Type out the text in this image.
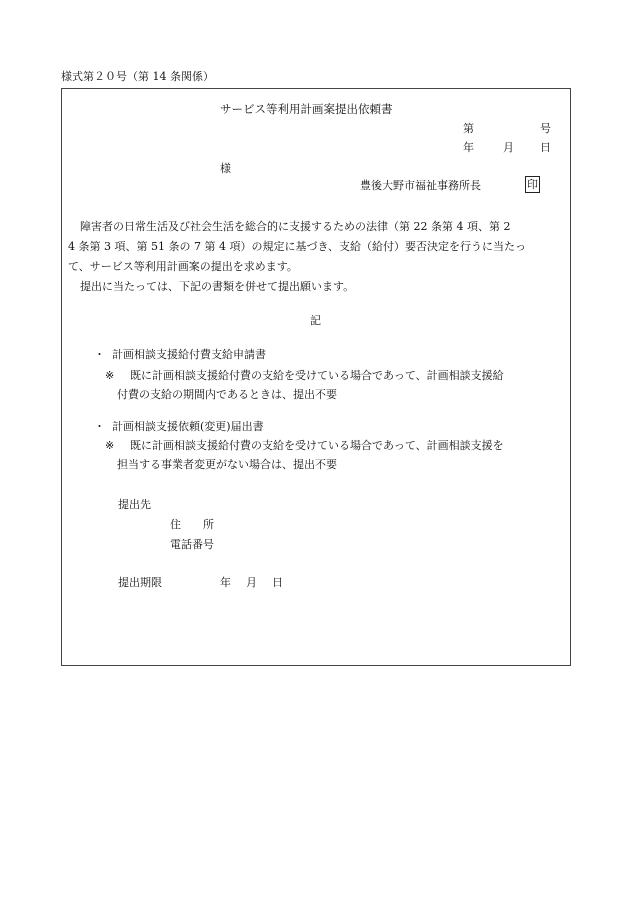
様式第２０号（第 14 条関係）
サービス等利用計画案提出依頼書
第	号
年	月 日
様
豊後大野市福祉事務所長	印
障害者の日常生活及び社会生活を総合的に支援するための法律（第 22 条第 4 項、第 2
4 条第 3 項、第 51 条の 7 第 4 項）の規定に基づき、支給（給付）要否決定を行うに当たっ
て、サービス等利用計画案の提出を求めます。
提出に当たっては、下記の書類を併せて提出願います。
記
・ 計画相談支援給付費支給申請書
※ 既に計画相談支援給付費の支給を受けている場合であって、計画相談支援給
付費の支給の期間内であるときは、提出不要
・ 計画相談支援依頼(変更)届出書
※ 既に計画相談支援給付費の支給を受けている場合であって、計画相談支援を
担当する事業者変更がない場合は、提出不要
提出先
住　　所
電話番号
提出期限	年 月 日
